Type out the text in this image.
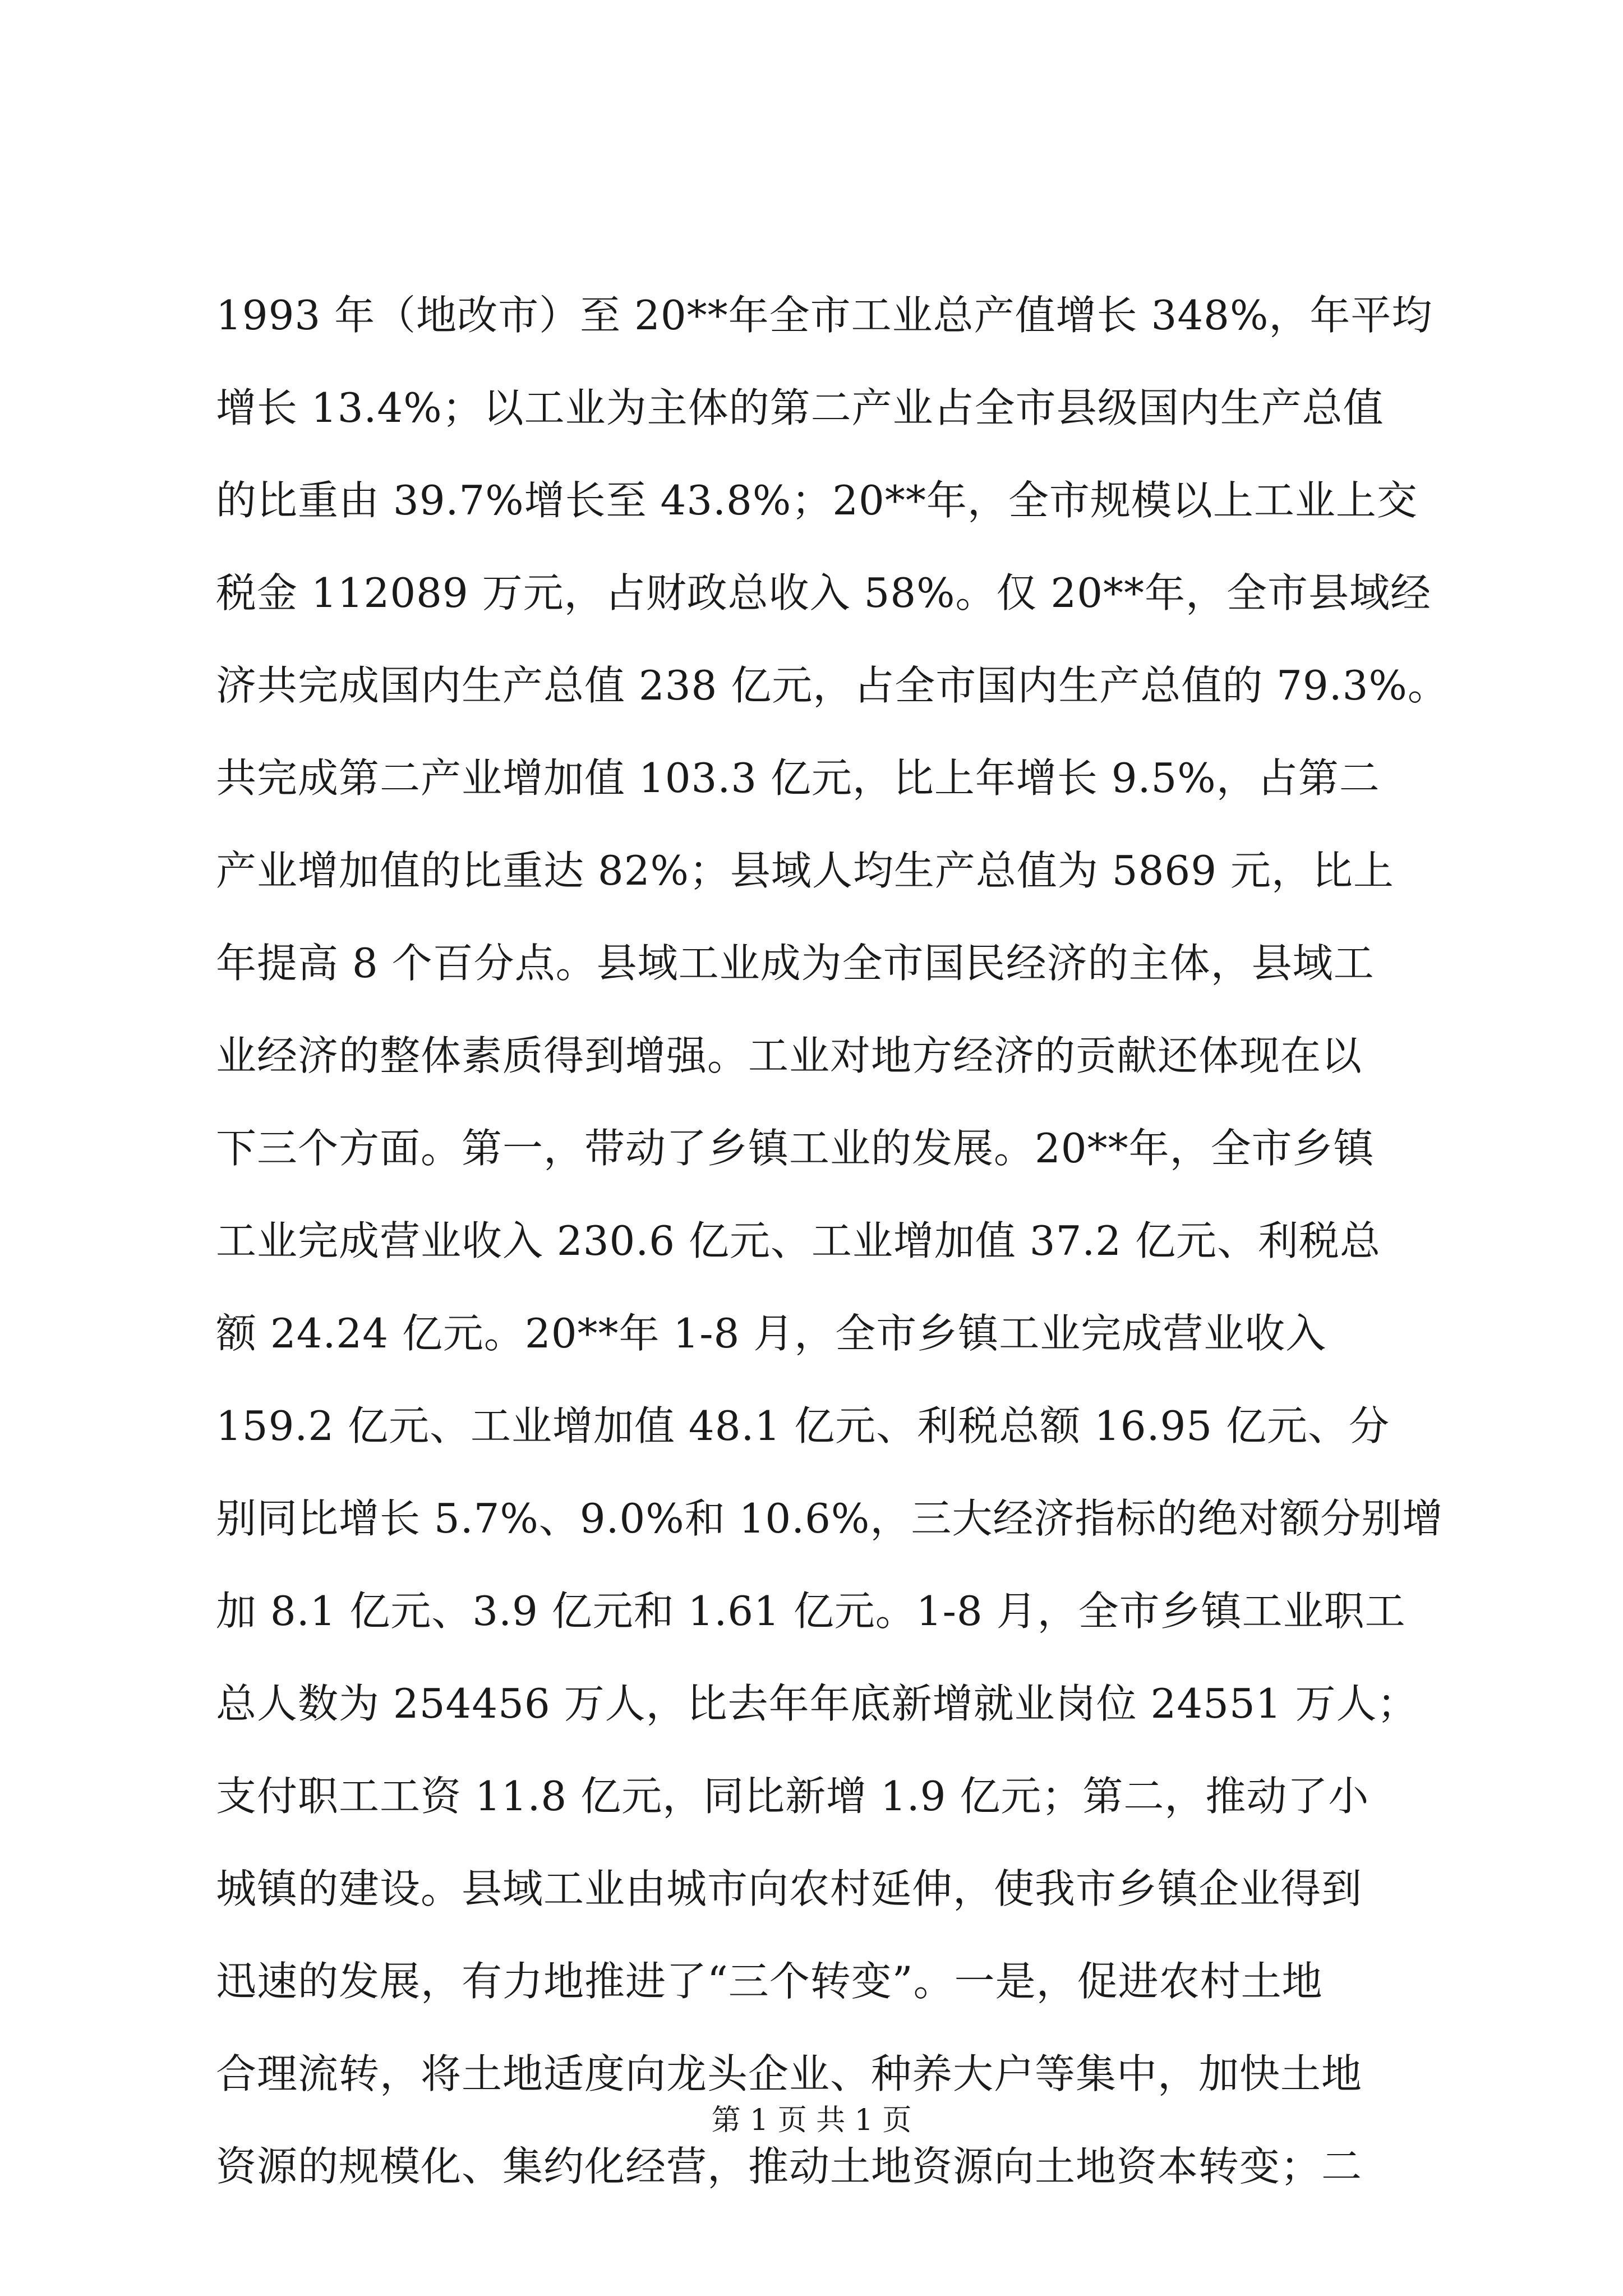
1993 年（地改市）至 20**年全市工业总产值增长 348%，年平均
增长 13.4%；以工业为主体的第二产业占全市县级国内生产总值
的比重由 39.7%增长至 43.8%；20**年，全市规模以上工业上交
税金 112089 万元，占财政总收入 58%。仅 20**年，全市县域经
济共完成国内生产总值 238 亿元，占全市国内生产总值的 79.3%。
共完成第二产业增加值 103.3 亿元，比上年增长 9.5%，占第二
产业增加值的比重达 82%；县域人均生产总值为 5869 元，比上
年提高 8 个百分点。县域工业成为全市国民经济的主体，县域工
业经济的整体素质得到增强。工业对地方经济的贡献还体现在以
下三个方面。第一，带动了乡镇工业的发展。20**年，全市乡镇
工业完成营业收入 230.6 亿元、工业增加值 37.2 亿元、利税总
额 24.24 亿元。20**年 1-8 月，全市乡镇工业完成营业收入
159.2 亿元、工业增加值 48.1 亿元、利税总额 16.95 亿元、分
别同比增长 5.7%、9.0%和 10.6%，三大经济指标的绝对额分别增
加 8.1 亿元、3.9 亿元和 1.61 亿元。1-8 月，全市乡镇工业职工
总人数为 254456 万人，比去年年底新增就业岗位 24551 万人；
支付职工工资 11.8 亿元，同比新增 1.9 亿元；第二，推动了小
城镇的建设。县域工业由城市向农村延伸，使我市乡镇企业得到
迅速的发展，有力地推进了“三个转变”。一是，促进农村土地
合理流转，将土地适度向龙头企业、种养大户等集中，加快土地
资源的规模化、集约化经营，推动土地资源向土地资本转变；二
第 1 页 共 1 页
